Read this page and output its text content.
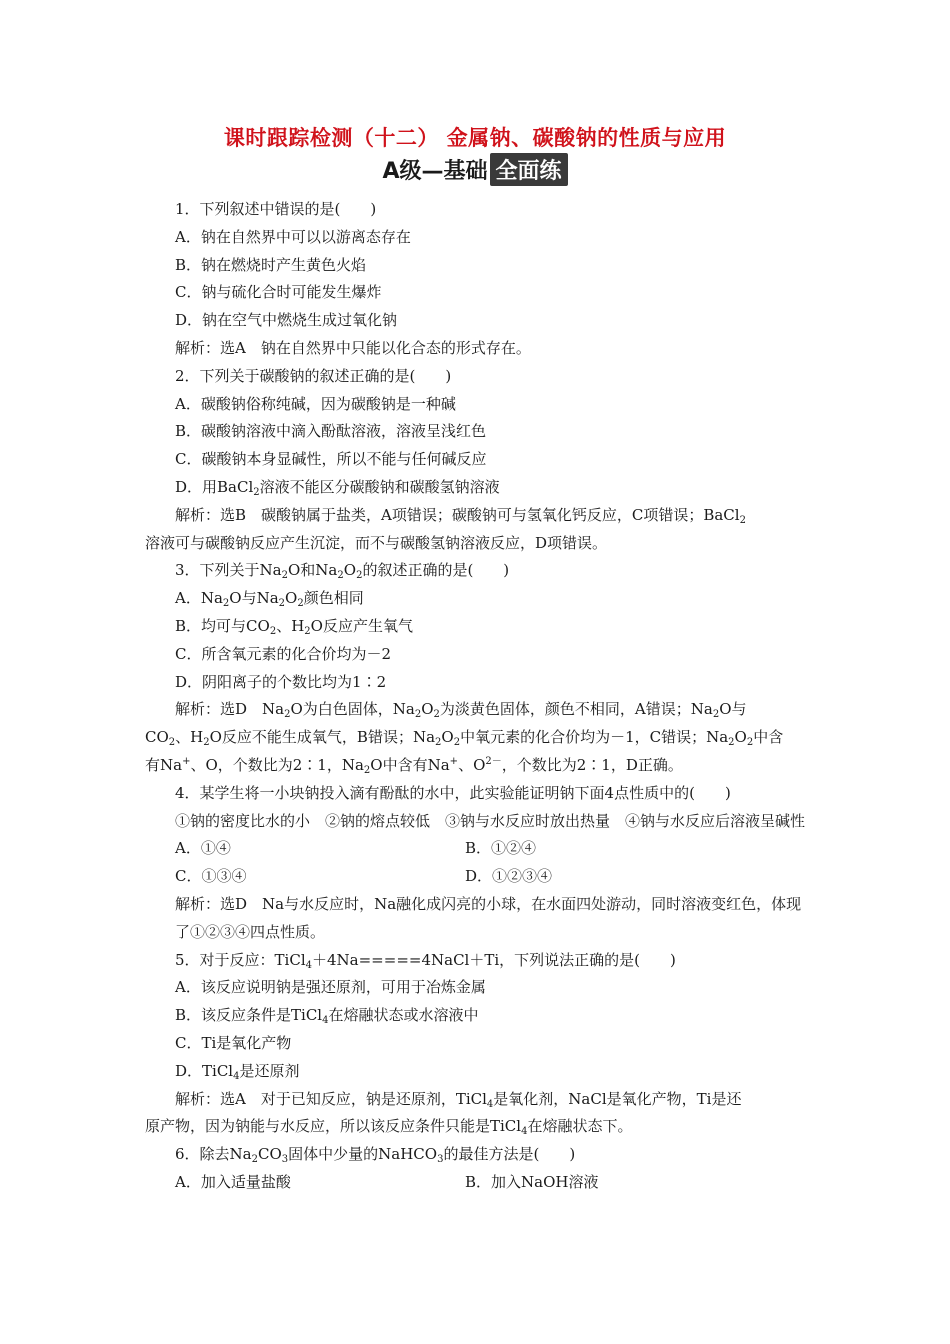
课时跟踪检测（十二） 金属钠、碳酸钠的性质与应用
A级—基础 全面练
1．下列叙述中错误的是(　　)
A．钠在自然界中可以以游离态存在
B．钠在燃烧时产生黄色火焰
C．钠与硫化合时可能发生爆炸
D．钠在空气中燃烧生成过氧化钠
解析：选A　钠在自然界中只能以化合态的形式存在。
2．下列关于碳酸钠的叙述正确的是(　　)
A．碳酸钠俗称纯碱，因为碳酸钠是一种碱
B．碳酸钠溶液中滴入酚酞溶液，溶液呈浅红色
C．碳酸钠本身显碱性，所以不能与任何碱反应
D．用BaCl$_2$溶液不能区分碳酸钠和碳酸氢钠溶液
解析：选B　碳酸钠属于盐类，A项错误；碳酸钠可与氢氧化钙反应，C项错误；BaCl$_2$
溶液可与碳酸钠反应产生沉淀，而不与碳酸氢钠溶液反应，D项错误。
3．下列关于$Na_2O$和$Na_2O_2$的叙述正确的是(　　)
A．$Na_2O$与$Na_2O_2$颜色相同
B．均可与$CO_2$、$H_2O$反应产生氧气
C．所含氧元素的化合价均为－2
D．阴阳离子的个数比均为1∶2
解析：选D　$Na_2O$为白色固体，$Na_2O_2$为淡黄色固体，颜色不相同，A错误；$Na_2O$与
$CO_2$、$H_2O$反应不能生成氧气，B错误；$Na_2O_2$中氧元素的化合价均为－1，C错误；$Na_2O_2$中含
有Na+、O，个数比为2∶1，$Na_2O$中含有Na+、$O^{2-}$，个数比为2∶1，D正确。
4．某学生将一小块钠投入滴有酚酞的水中，此实验能证明钠下面4点性质中的(　　)
①钠的密度比水的小　②钠的熔点较低　③钠与水反应时放出热量　④钠与水反应后溶液呈碱性
A．①④	B．①②④
C．①③④	D．①②③④
解析：选D　Na与水反应时，Na融化成闪亮的小球，在水面四处游动，同时溶液变红色，体现了①②③④四点性质。
5．对于反应：TiCl$_4$＋4Na=====4NaCl＋Ti，下列说法正确的是(　　)
A．该反应说明钠是强还原剂，可用于冶炼金属
B．该反应条件是TiCl$_4$在熔融状态或水溶液中
C．Ti是氧化产物
D．TiCl$_4$是还原剂
解析：选A　对于已知反应，钠是还原剂，TiCl$_4$是氧化剂，NaCl是氧化产物，Ti是还
原产物，因为钠能与水反应，所以该反应条件只能是TiCl$_4$在熔融状态下。
6．除去$Na_2CO_3$固体中少量的NaHCO$_3$的最佳方法是(　　)
A．加入适量盐酸	B．加入NaOH溶液
